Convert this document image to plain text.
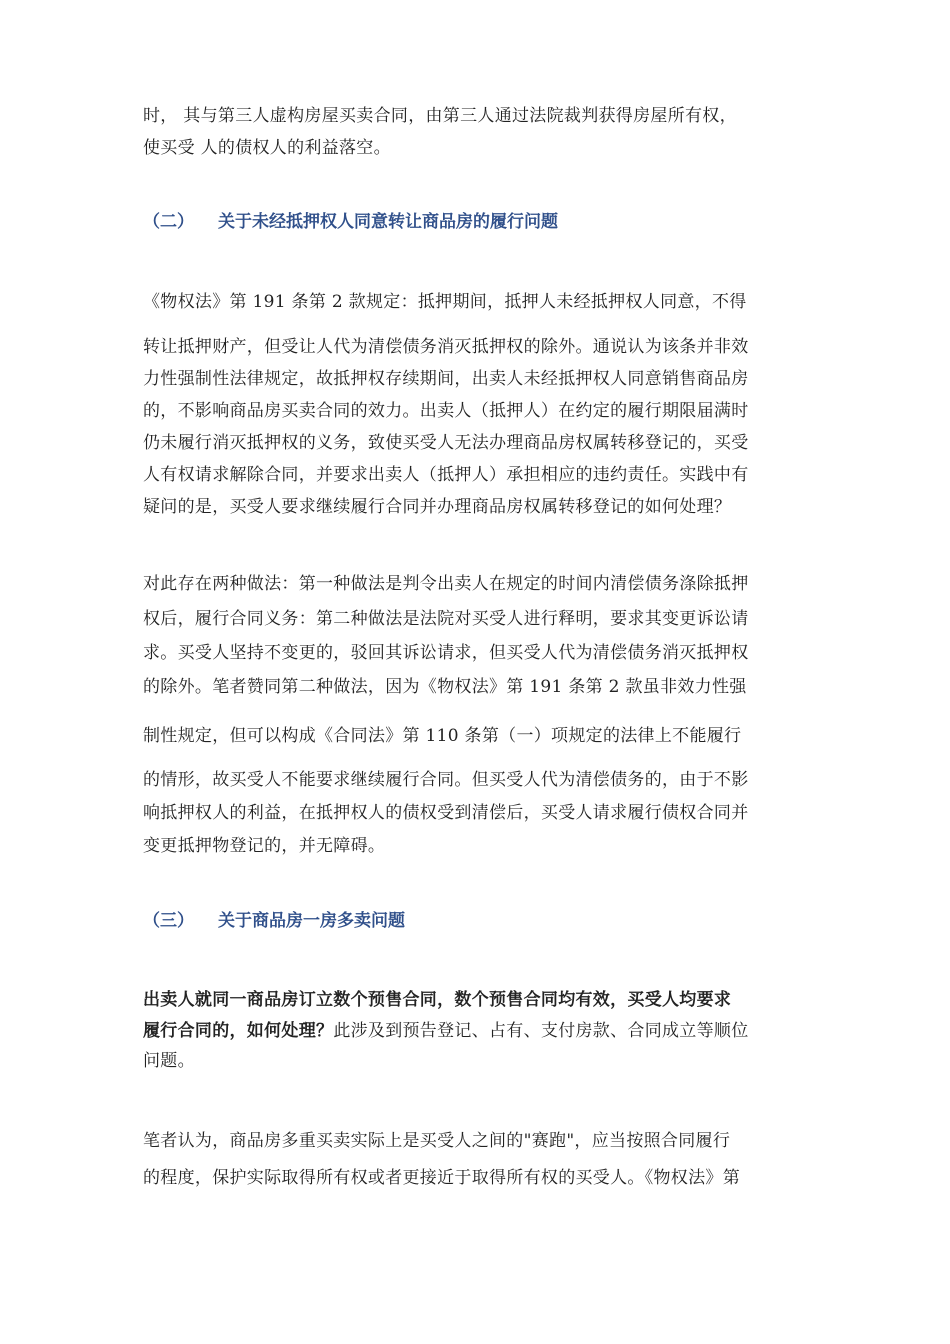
时， 其与第三人虚构房屋买卖合同，由第三人通过法院裁判获得房屋所有权，
使买受 人的债权人的利益落空。
（二） 关于未经抵押权人同意转让商品房的履行问题
《物权法》第 191 条第 2 款规定：抵押期间，抵押人未经抵押权人同意，不得
转让抵押财产，但受让人代为清偿债务消灭抵押权的除外。通说认为该条并非效
力性强制性法律规定，故抵押权存续期间，出卖人未经抵押权人同意销售商品房
的，不影响商品房买卖合同的效力。出卖人（抵押人）在约定的履行期限届满时
仍未履行消灭抵押权的义务，致使买受人无法办理商品房权属转移登记的，买受
人有权请求解除合同，并要求出卖人（抵押人）承担相应的违约责任。实践中有
疑问的是，买受人要求继续履行合同并办理商品房权属转移登记的如何处理？
对此存在两种做法：第一种做法是判令出卖人在规定的时间内清偿债务涤除抵押
权后，履行合同义务：第二种做法是法院对买受人进行释明，要求其变更诉讼请
求。买受人坚持不变更的，驳回其诉讼请求，但买受人代为清偿债务消灭抵押权
的除外。笔者赞同第二种做法，因为《物权法》第 191 条第 2 款虽非效力性强
制性规定，但可以构成《合同法》第 110 条第（一）项规定的法律上不能履行
的情形，故买受人不能要求继续履行合同。但买受人代为清偿债务的，由于不影
响抵押权人的利益，在抵押权人的债权受到清偿后，买受人请求履行债权合同并
变更抵押物登记的，并无障碍。
（三） 关于商品房一房多卖问题
出卖人就同一商品房订立数个预售合同，数个预售合同均有效，买受人均要求
履行合同的，如何处理？此涉及到预告登记、占有、支付房款、合同成立等顺位
问题。
笔者认为，商品房多重买卖实际上是买受人之间的"赛跑"，应当按照合同履行
的程度，保护实际取得所有权或者更接近于取得所有权的买受人。《物权法》第
